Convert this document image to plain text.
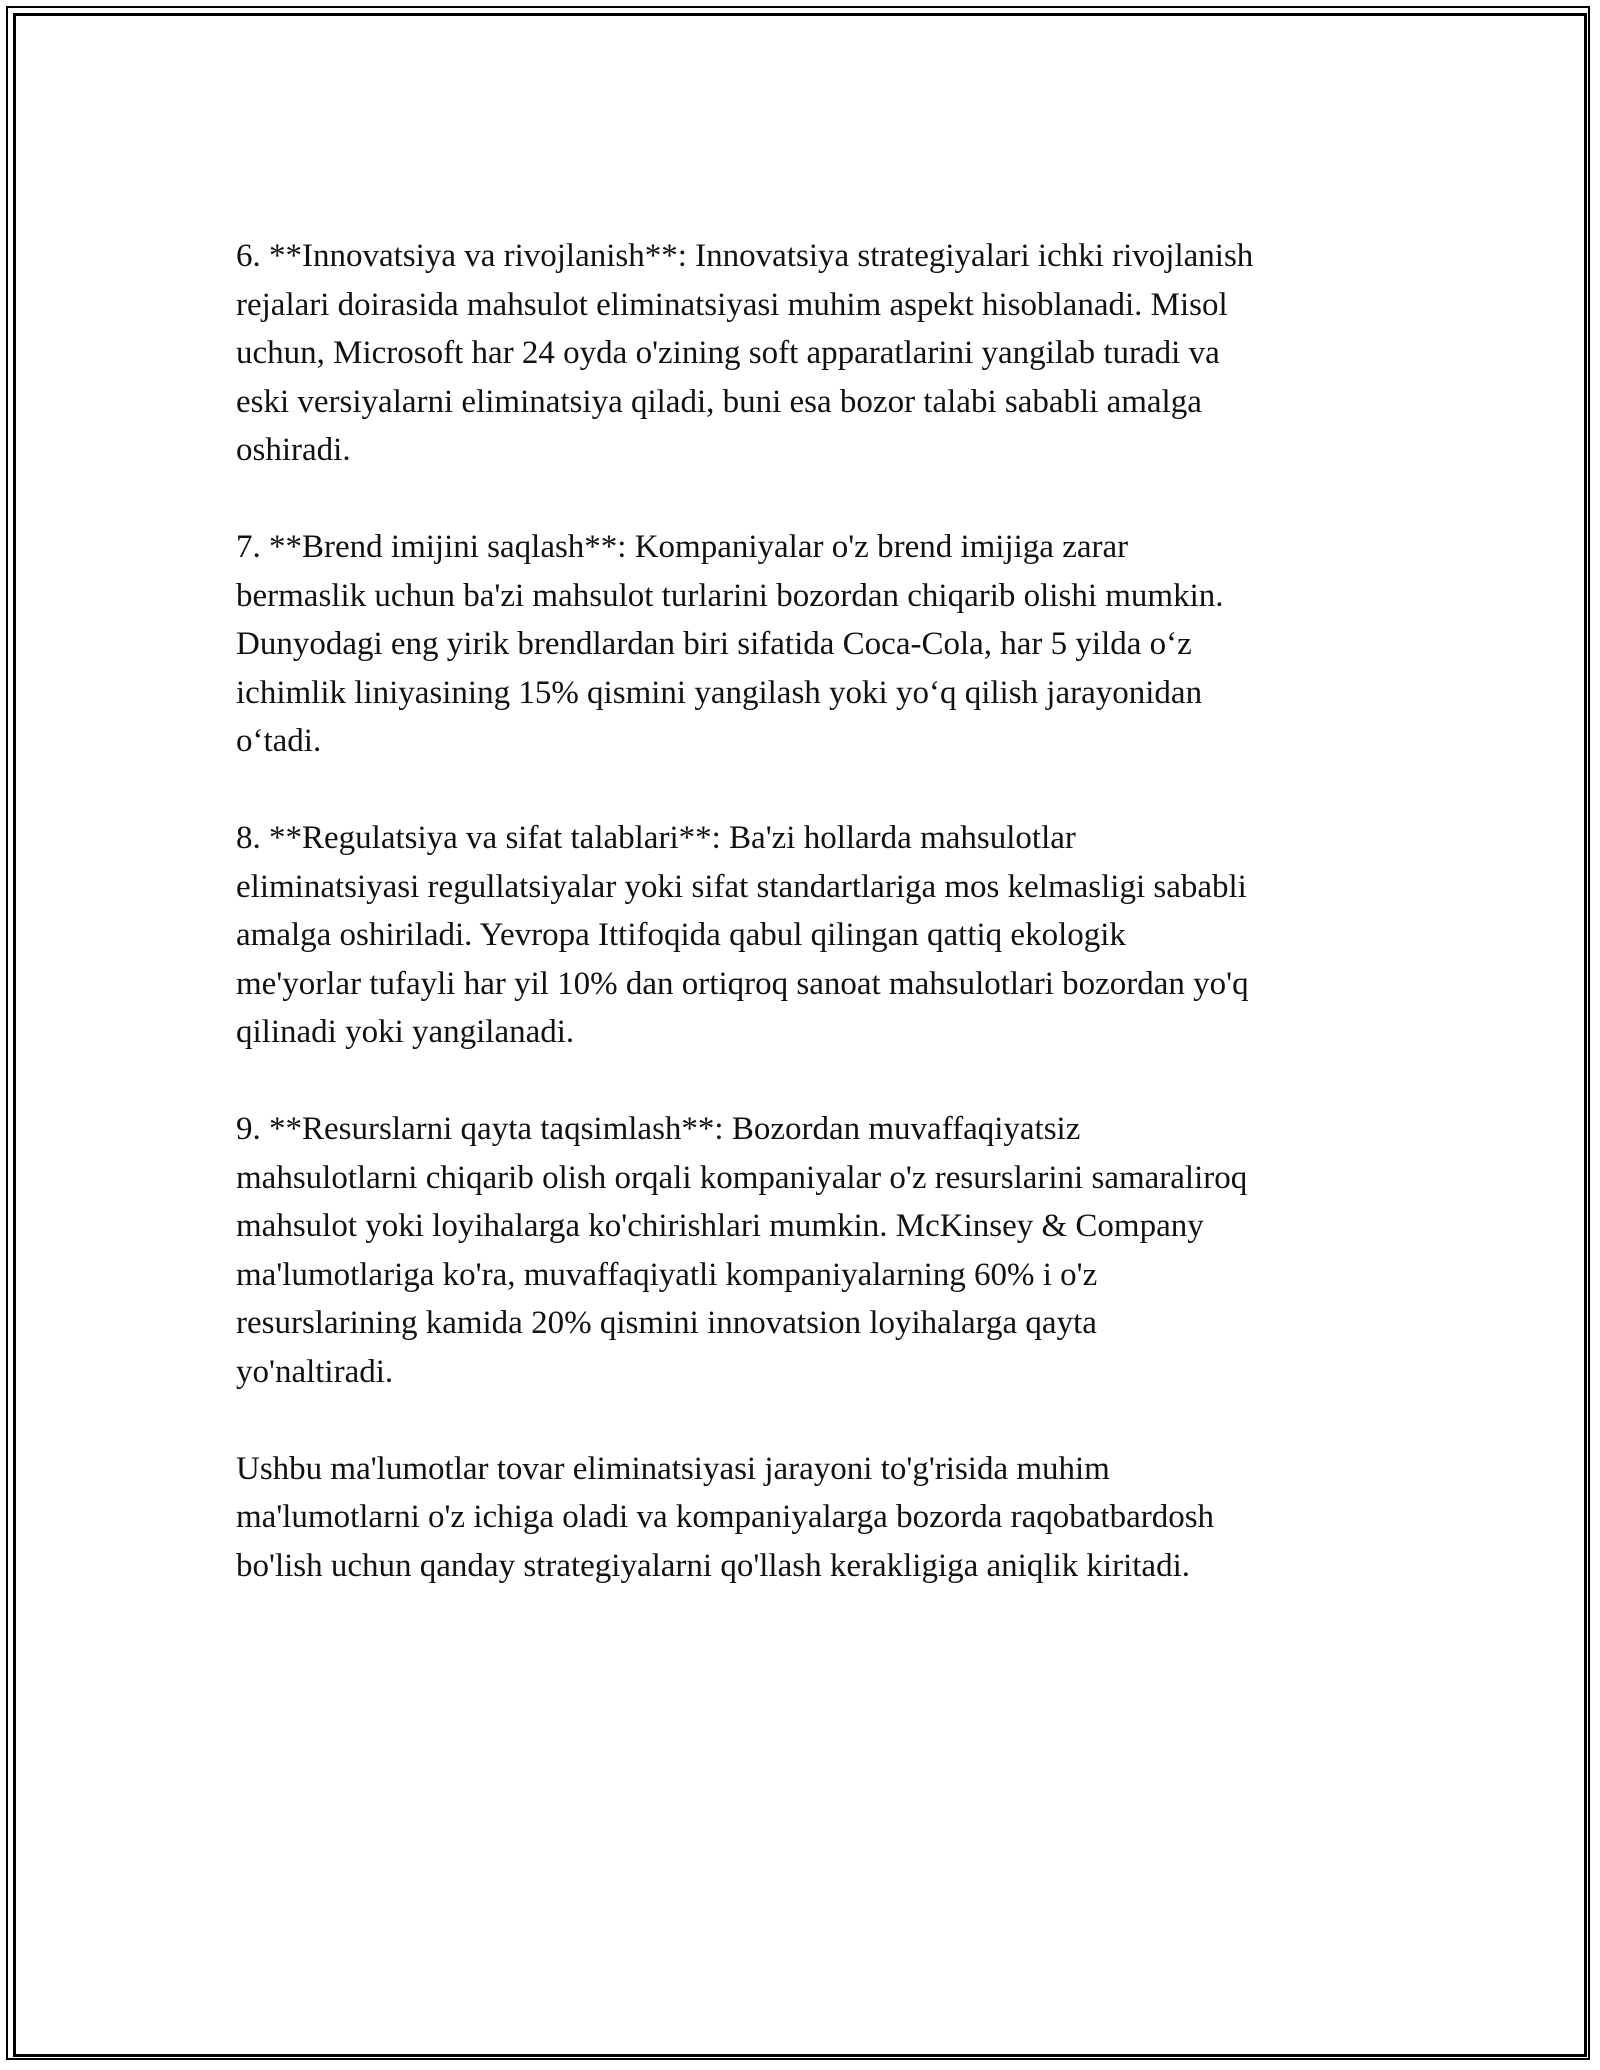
6. **Innovatsiya va rivojlanish**: Innovatsiya strategiyalari ichki rivojlanish
rejalari doirasida mahsulot eliminatsiyasi muhim aspekt hisoblanadi. Misol
uchun, Microsoft har 24 oyda o'zining soft apparatlarini yangilab turadi va
eski versiyalarni eliminatsiya qiladi, buni esa bozor talabi sababli amalga
oshiradi.

7. **Brend imijini saqlash**: Kompaniyalar o'z brend imijiga zarar
bermaslik uchun ba'zi mahsulot turlarini bozordan chiqarib olishi mumkin.
Dunyodagi eng yirik brendlardan biri sifatida Coca-Cola, har 5 yilda o‘z
ichimlik liniyasining 15% qismini yangilash yoki yo‘q qilish jarayonidan
o‘tadi.

8. **Regulatsiya va sifat talablari**: Ba'zi hollarda mahsulotlar
eliminatsiyasi regullatsiyalar yoki sifat standartlariga mos kelmasligi sababli
amalga oshiriladi. Yevropa Ittifoqida qabul qilingan qattiq ekologik
me'yorlar tufayli har yil 10% dan ortiqroq sanoat mahsulotlari bozordan yo'q
qilinadi yoki yangilanadi.

9. **Resurslarni qayta taqsimlash**: Bozordan muvaffaqiyatsiz
mahsulotlarni chiqarib olish orqali kompaniyalar o'z resurslarini samaraliroq
mahsulot yoki loyihalarga ko'chirishlari mumkin. McKinsey & Company
ma'lumotlariga ko'ra, muvaffaqiyatli kompaniyalarning 60% i o'z
resurslarining kamida 20% qismini innovatsion loyihalarga qayta
yo'naltiradi.

Ushbu ma'lumotlar tovar eliminatsiyasi jarayoni to'g'risida muhim
ma'lumotlarni o'z ichiga oladi va kompaniyalarga bozorda raqobatbardosh
bo'lish uchun qanday strategiyalarni qo'llash kerakligiga aniqlik kiritadi.
